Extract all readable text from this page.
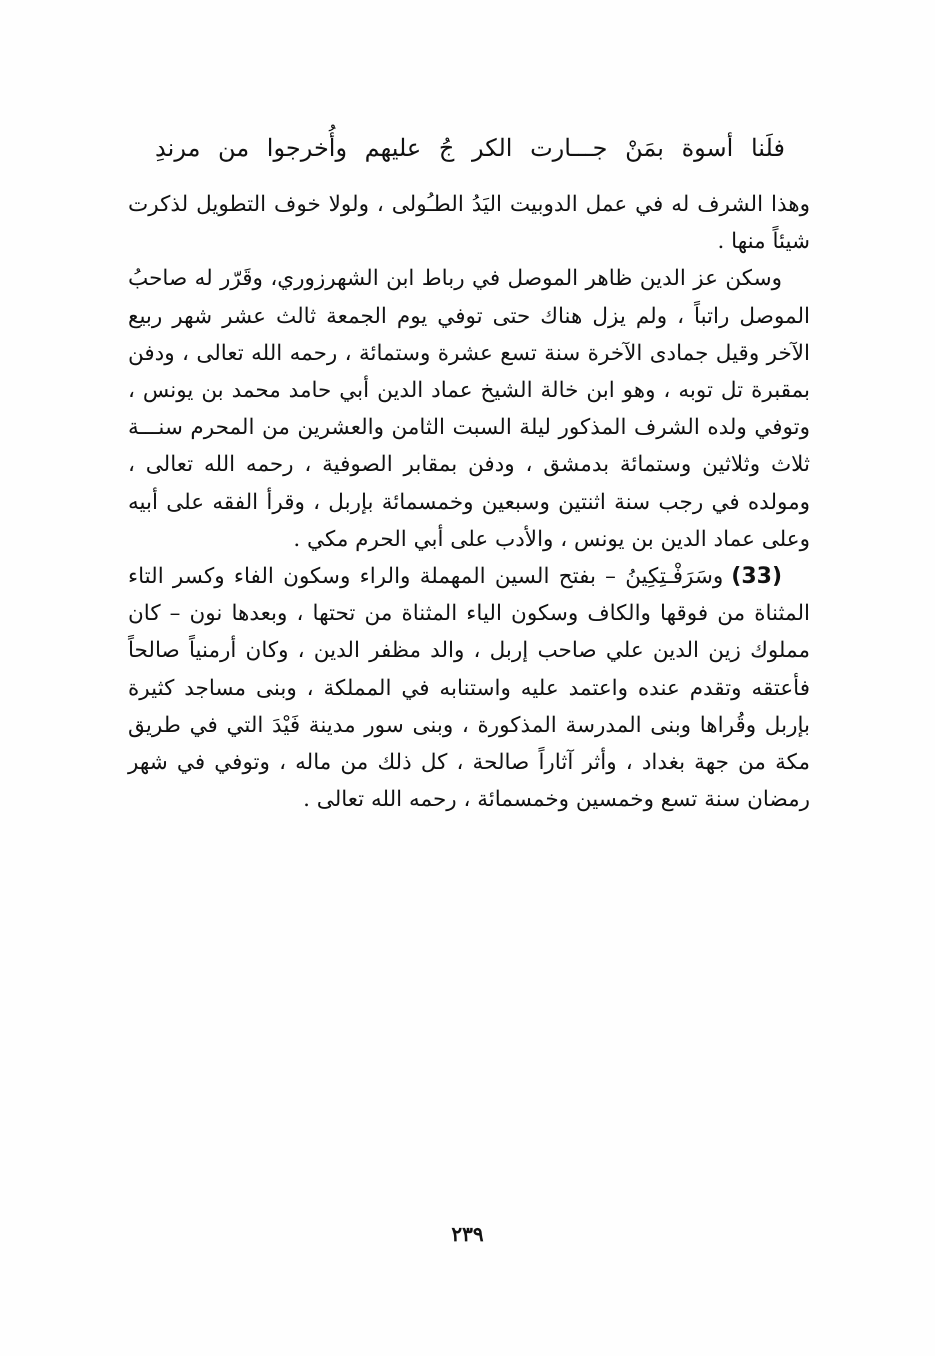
فلَنا أسوة بمَنْ جـــارت الكر جُ عليهم وأُخرجوا من مرندِ

وهذا الشرف له في عمل الدوبيت اليَدُ الطـُولى ، ولولا خوف التطويل لذكرت شيئاً منها .

وسكن عز الدين ظاهر الموصل في رباط ابن الشهرزوري، وقَرّر له صاحبُ الموصل راتباً ، ولم يزل هناك حتى توفي يوم الجمعة ثالث عشر شهر ربيع الآخر وقيل جمادى الآخرة سنة تسع عشرة وستمائة ، رحمه الله تعالى ، ودفن بمقبرة تل توبه ، وهو ابن خالة الشيخ عماد الدين أبي حامد محمد بن يونس ، وتوفي ولده الشرف المذكور ليلة السبت الثامن والعشرين من المحرم سنـــة ثلاث وثلاثين وستمائة بدمشق ، ودفن بمقابر الصوفية ، رحمه الله تعالى ، ومولده في رجب سنة اثنتين وسبعين وخمسمائة بإربل ، وقرأ الفقه على أبيه وعلى عماد الدين بن يونس ، والأدب على أبي الحرم مكي .

(33)وسَرَفْـتِكِينُ – بفتح السين المهملة والراء وسكون الفاء وكسر التاء المثناة من فوقها والكاف وسكون الياء المثناة من تحتها ، وبعدها نون – كان مملوك زين الدين علي صاحب إربل ، والد مظفر الدين ، وكان أرمنياً صالحاً فأعتقه وتقدم عنده واعتمد عليه واستنابه في المملكة ، وبنى مساجد كثيرة بإربل وقُراها وبنى المدرسة المذكورة ، وبنى سور مدينة فَيْدَ التي في طريق مكة من جهة بغداد ، وأثر آثاراً صالحة ، كل ذلك من ماله ، وتوفي في شهر رمضان سنة تسع وخمسين وخمسمائة ، رحمه الله تعالى .

٢٣٩
